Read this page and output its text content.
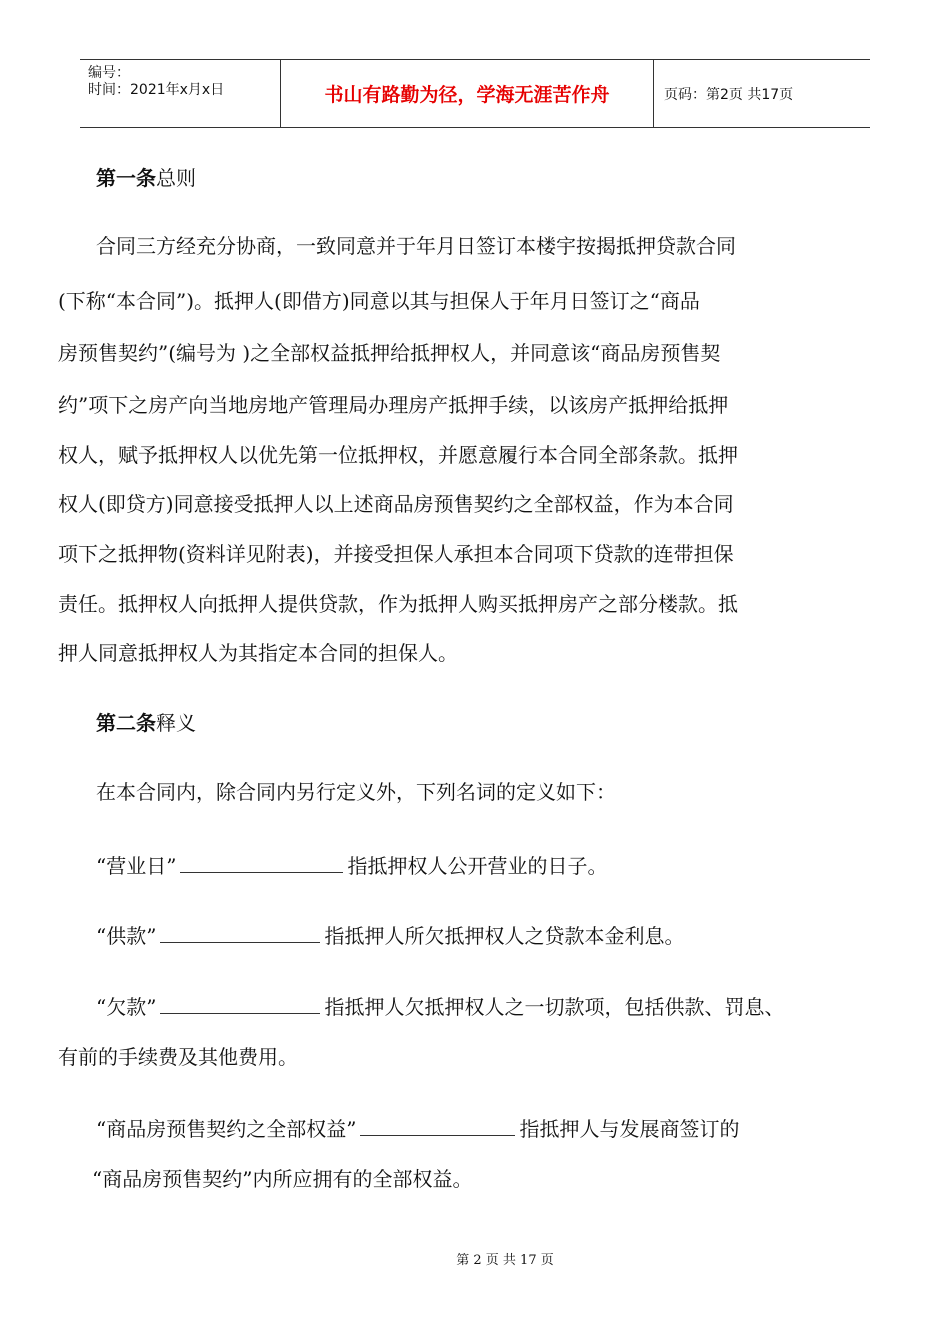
编号：
时间：2021年x月x日	书山有路勤为径，学海无涯苦作舟	页码：第2页 共17页
第一条总则
合同三方经充分协商，一致同意并于年月日签订本楼宇按揭抵押贷款合同
(下称“本合同”)。抵押人(即借方)同意以其与担保人于年月日签订之“商品
房预售契约”(编号为 )之全部权益抵押给抵押权人，并同意该“商品房预售契
约”项下之房产向当地房地产管理局办理房产抵押手续，以该房产抵押给抵押
权人，赋予抵押权人以优先第一位抵押权，并愿意履行本合同全部条款。抵押
权人(即贷方)同意接受抵押人以上述商品房预售契约之全部权益，作为本合同
项下之抵押物(资料详见附表)，并接受担保人承担本合同项下贷款的连带担保
责任。抵押权人向抵押人提供贷款，作为抵押人购买抵押房产之部分楼款。抵
押人同意抵押权人为其指定本合同的担保人。
第二条释义
在本合同内，除合同内另行定义外，下列名词的定义如下：
“营业日”	指抵押权人公开营业的日子。
“供款”	指抵押人所欠抵押权人之贷款本金利息。
“欠款”	指抵押人欠抵押权人之一切款项，包括供款、罚息、
有前的手续费及其他费用。
“商品房预售契约之全部权益”	指抵押人与发展商签订的
“商品房预售契约”内所应拥有的全部权益。
第 2 页 共 17 页
